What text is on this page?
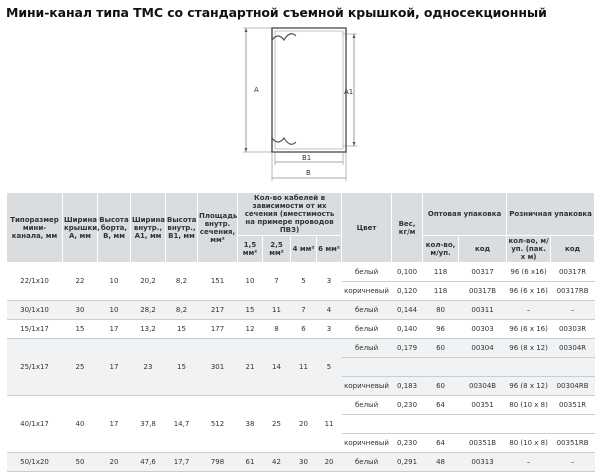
Мини-канал типа ТМС со стандартной съемной крышкой, односекционный
A	A1
B1
B
Типоразмер мини-канала, мм	Ширина крышки, А, мм	Высота борта, В, мм	Ширина внутр., А1, мм	Высота внутр., В1, мм	Площадь внутр. сечения, мм²	Кол-во кабелей в зависимости от их сечения (вместимость на примере проводов ПВЗ)				Цвет	Вес, кг/м	Оптовая упаковка		Розничная упаковка	
						1,5 мм²	2,5 мм²	4 мм²	6 мм²			кол-во, м/уп.	код	кол-во, м/уп. (пак. х м)	код
22/1x10	22	10	20,2	8,2	151	10	7	5	3	белый	0,100	118	00317	96 (6 x16)	00317R
										коричневый	0,120	118	00317B	96 (6 x 16)	00317RB
30/1x10	30	10	28,2	8,2	217	15	11	7	4	белый	0,144	80	00311	–	–
15/1x17	15	17	13,2	15	177	12	8	6	3	белый	0,140	96	00303	96 (6 x 16)	00303R
25/1x17	25	17	23	15	301	21	14	11	5	белый	0,179	60	00304	96 (8 x 12)	00304R

										коричневый	0,183	60	00304B	96 (8 x 12)	00304RB
40/1x17	40	17	37,8	14,7	512	38	25	20	11	белый	0,230	64	00351	80 (10 x 8)	00351R

										коричневый	0,230	64	00351B	80 (10 x 8)	00351RB
50/1x20	50	20	47,6	17,7	798	61	42	30	20	белый	0,291	48	00313	–	–
